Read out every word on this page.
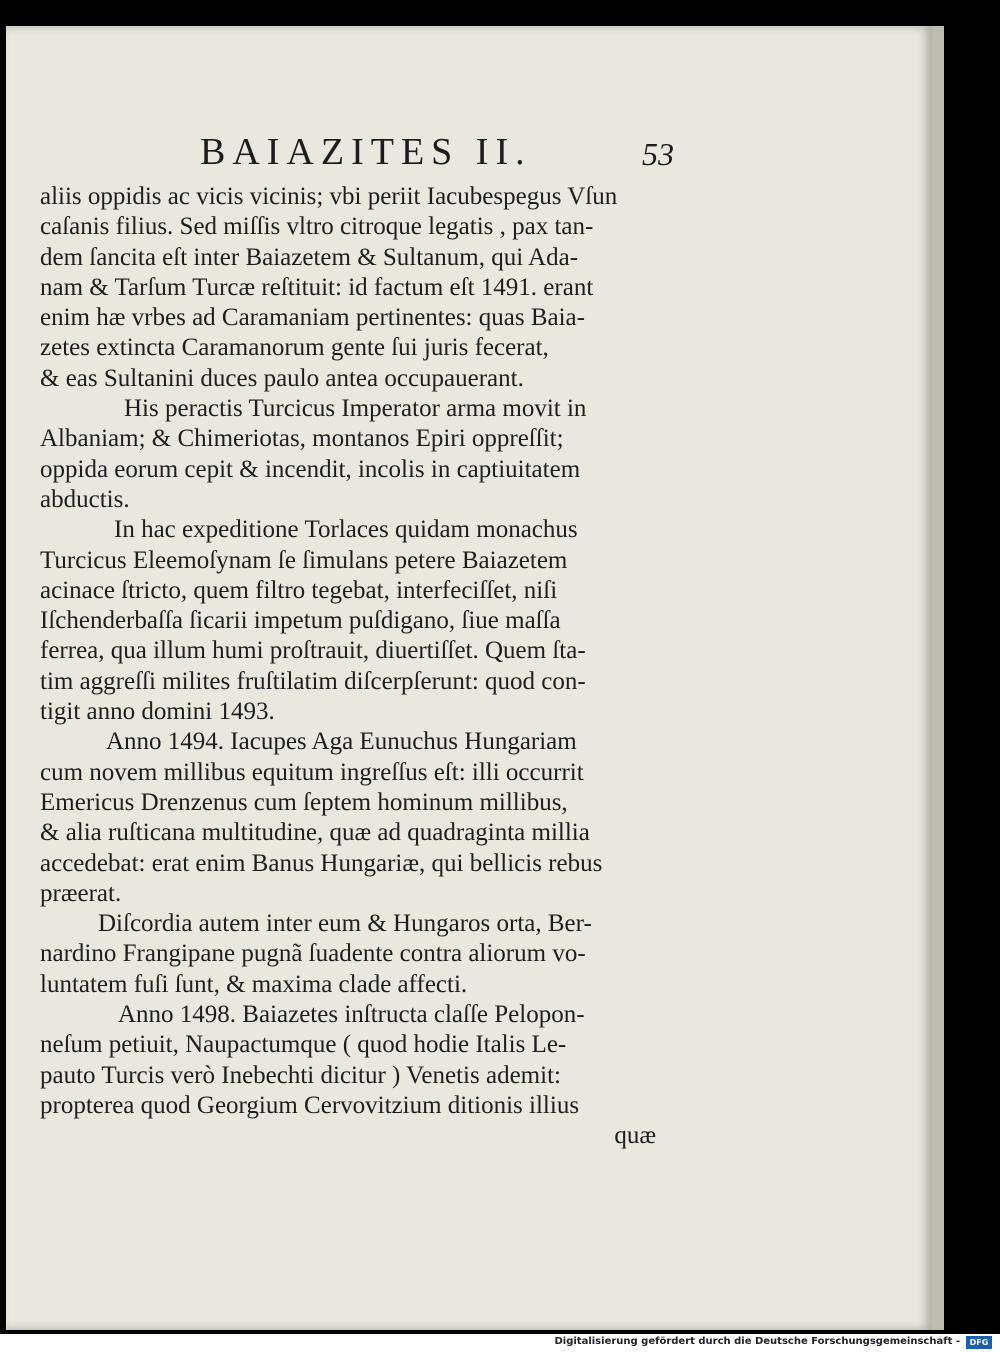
BAIAZITES II.	53
aliis oppidis ac vicis vicinis; vbi periit Iacubespegus Vſun
caſanis filius. Sed miſſis vltro citroque legatis , pax tan-
dem ſancita eſt inter Baiazetem & Sultanum, qui Ada-
nam & Tarſum Turcæ reſtituit: id factum eſt 1491. erant
enim hæ vrbes ad Caramaniam pertinentes: quas Baia-
zetes extincta Caramanorum gente ſui juris fecerat,
& eas Sultanini duces paulo antea occupauerant.
His peractis Turcicus Imperator arma movit in
Albaniam; & Chimeriotas, montanos Epiri oppreſſit;
oppida eorum cepit & incendit, incolis in captiuitatem
abductis.
In hac expeditione Torlaces quidam monachus
Turcicus Eleemoſynam ſe ſimulans petere Baiazetem
acinace ſtricto, quem filtro tegebat, interfeciſſet, niſi
Iſchenderbaſſa ſicarii impetum puſdigano, ſiue maſſa
ferrea, qua illum humi proſtrauit, diuertiſſet. Quem ſta-
tim aggreſſi milites fruſtilatim diſcerpſerunt: quod con-
tigit anno domini 1493.
Anno 1494. Iacupes Aga Eunuchus Hungariam
cum novem millibus equitum ingreſſus eſt: illi occurrit
Emericus Drenzenus cum ſeptem hominum millibus,
& alia ruſticana multitudine, quæ ad quadraginta millia
accedebat: erat enim Banus Hungariæ, qui bellicis rebus
præerat.
Diſcordia autem inter eum & Hungaros orta, Ber-
nardino Frangipane pugnã ſuadente contra aliorum vo-
luntatem fuſi ſunt, & maxima clade affecti.
Anno 1498. Baiazetes inſtructa claſſe Pelopon-
neſum petiuit, Naupactumque ( quod hodie Italis Le-
pauto Turcis verò Inebechti dicitur ) Venetis ademit:
propterea quod Georgium Cervovitzium ditionis illius
quæ
Digitalisierung gefördert durch die Deutsche Forschungsgemeinschaft -	DFG
